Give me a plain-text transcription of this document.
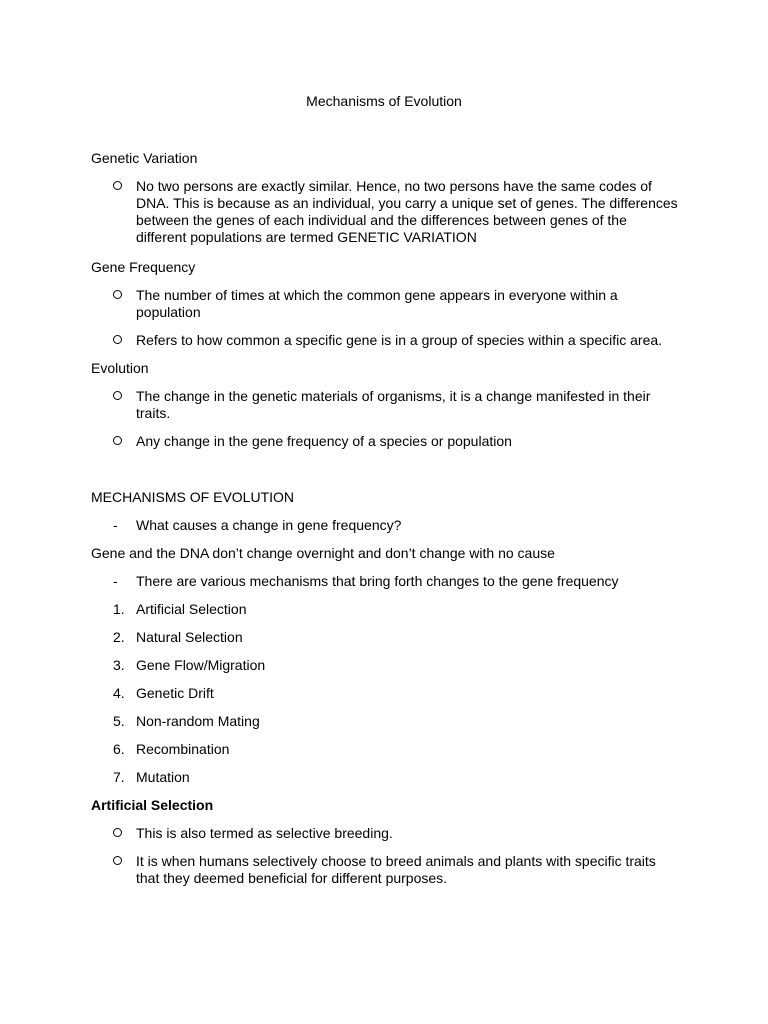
Mechanisms of Evolution
Genetic Variation
No two persons are exactly similar. Hence, no two persons have the same codes of DNA. This is because as an individual, you carry a unique set of genes. The differences between the genes of each individual and the differences between genes of the different populations are termed GENETIC VARIATION
Gene Frequency
The number of times at which the common gene appears in everyone within a population
Refers to how common a specific gene is in a group of species within a specific area.
Evolution
The change in the genetic materials of organisms, it is a change manifested in their traits.
Any change in the gene frequency of a species or population
MECHANISMS OF EVOLUTION
- What causes a change in gene frequency?
Gene and the DNA don’t change overnight and don’t change with no cause
- There are various mechanisms that bring forth changes to the gene frequency
1. Artificial Selection
2. Natural Selection
3. Gene Flow/Migration
4. Genetic Drift
5. Non-random Mating
6. Recombination
7. Mutation
Artificial Selection
This is also termed as selective breeding.
It is when humans selectively choose to breed animals and plants with specific traits that they deemed beneficial for different purposes.
